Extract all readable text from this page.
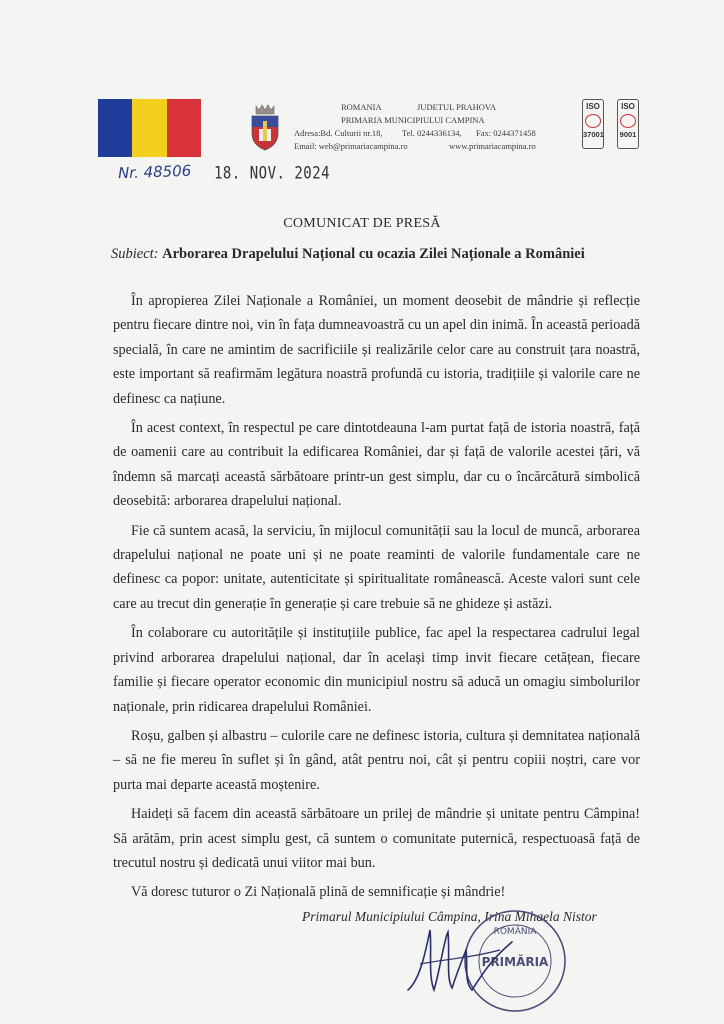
ROMANIA	JUDETUL PRAHOVA
PRIMARIA MUNICIPIULUI CAMPINA
Adresa:Bd. Culturii nr.18, Tel. 0244336134, Fax: 0244371458
Email: web@primariacampina.ro	www.primariacampina.ro
ISO
37001
ISO
9001
Nr. 48506 18. NOV. 2024
COMUNICAT DE PRESĂ
Subiect: Arborarea Drapelului Național cu ocazia Zilei Naționale a României

În apropierea Zilei Naționale a României, un moment deosebit de mândrie și reflecție pentru fiecare dintre noi, vin în fața dumneavoastră cu un apel din inimă. În această perioadă specială, în care ne amintim de sacrificiile și realizările celor care au construit țara noastră, este important să reafirmăm legătura noastră profundă cu istoria, tradițiile și valorile care ne definesc ca națiune.

În acest context, în respectul pe care dintotdeauna l-am purtat față de istoria noastră, față de oamenii care au contribuit la edificarea României, dar și față de valorile acestei țări, vă îndemn să marcați această sărbătoare printr-un gest simplu, dar cu o încărcătură simbolică deosebită: arborarea drapelului național.

Fie că suntem acasă, la serviciu, în mijlocul comunității sau la locul de muncă, arborarea drapelului național ne poate uni și ne poate reaminti de valorile fundamentale care ne definesc ca popor: unitate, autenticitate și spiritualitate românească. Aceste valori sunt cele care au trecut din generație în generație și care trebuie să ne ghideze și astăzi.

În colaborare cu autoritățile și instituțiile publice, fac apel la respectarea cadrului legal privind arborarea drapelului național, dar în același timp invit fiecare cetățean, fiecare familie și fiecare operator economic din municipiul nostru să aducă un omagiu simbolurilor naționale, prin ridicarea drapelului României.

Roșu, galben și albastru – culorile care ne definesc istoria, cultura și demnitatea națională – să ne fie mereu în suflet și în gând, atât pentru noi, cât și pentru copiii noștri, care vor purta mai departe această moștenire.

Haideți să facem din această sărbătoare un prilej de mândrie și unitate pentru Câmpina! Să arătăm, prin acest simplu gest, că suntem o comunitate puternică, respectuoasă față de trecutul nostru și dedicată unui viitor mai bun.

Vă doresc tuturor o Zi Națională plină de semnificație și mândrie!

Primarul Municipiului Câmpina, Irina Mihaela Nistor
ROMÂNIA
PRIMĂRIA
